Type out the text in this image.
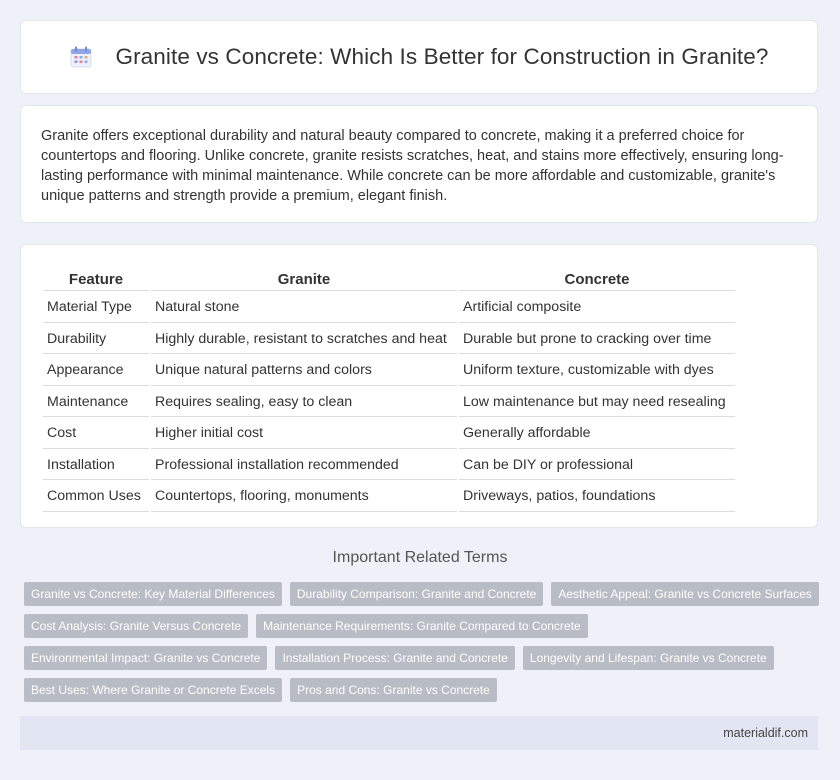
Granite vs Concrete: Which Is Better for Construction in Granite?

Granite offers exceptional durability and natural beauty compared to concrete, making it a preferred choice for countertops and flooring. Unlike concrete, granite resists scratches, heat, and stains more effectively, ensuring long-lasting performance with minimal maintenance. While concrete can be more affordable and customizable, granite's unique patterns and strength provide a premium, elegant finish.

Feature	Granite	Concrete
Material Type	Natural stone	Artificial composite
Durability	Highly durable, resistant to scratches and heat	Durable but prone to cracking over time
Appearance	Unique natural patterns and colors	Uniform texture, customizable with dyes
Maintenance	Requires sealing, easy to clean	Low maintenance but may need resealing
Cost	Higher initial cost	Generally affordable
Installation	Professional installation recommended	Can be DIY or professional
Common Uses	Countertops, flooring, monuments	Driveways, patios, foundations
Important Related Terms
Granite vs Concrete: Key Material Differences	Durability Comparison: Granite and Concrete	Aesthetic Appeal: Granite vs Concrete Surfaces
Cost Analysis: Granite Versus Concrete	Maintenance Requirements: Granite Compared to Concrete
Environmental Impact: Granite vs Concrete	Installation Process: Granite and Concrete	Longevity and Lifespan: Granite vs Concrete
Best Uses: Where Granite or Concrete Excels	Pros and Cons: Granite vs Concrete
materialdif.com
